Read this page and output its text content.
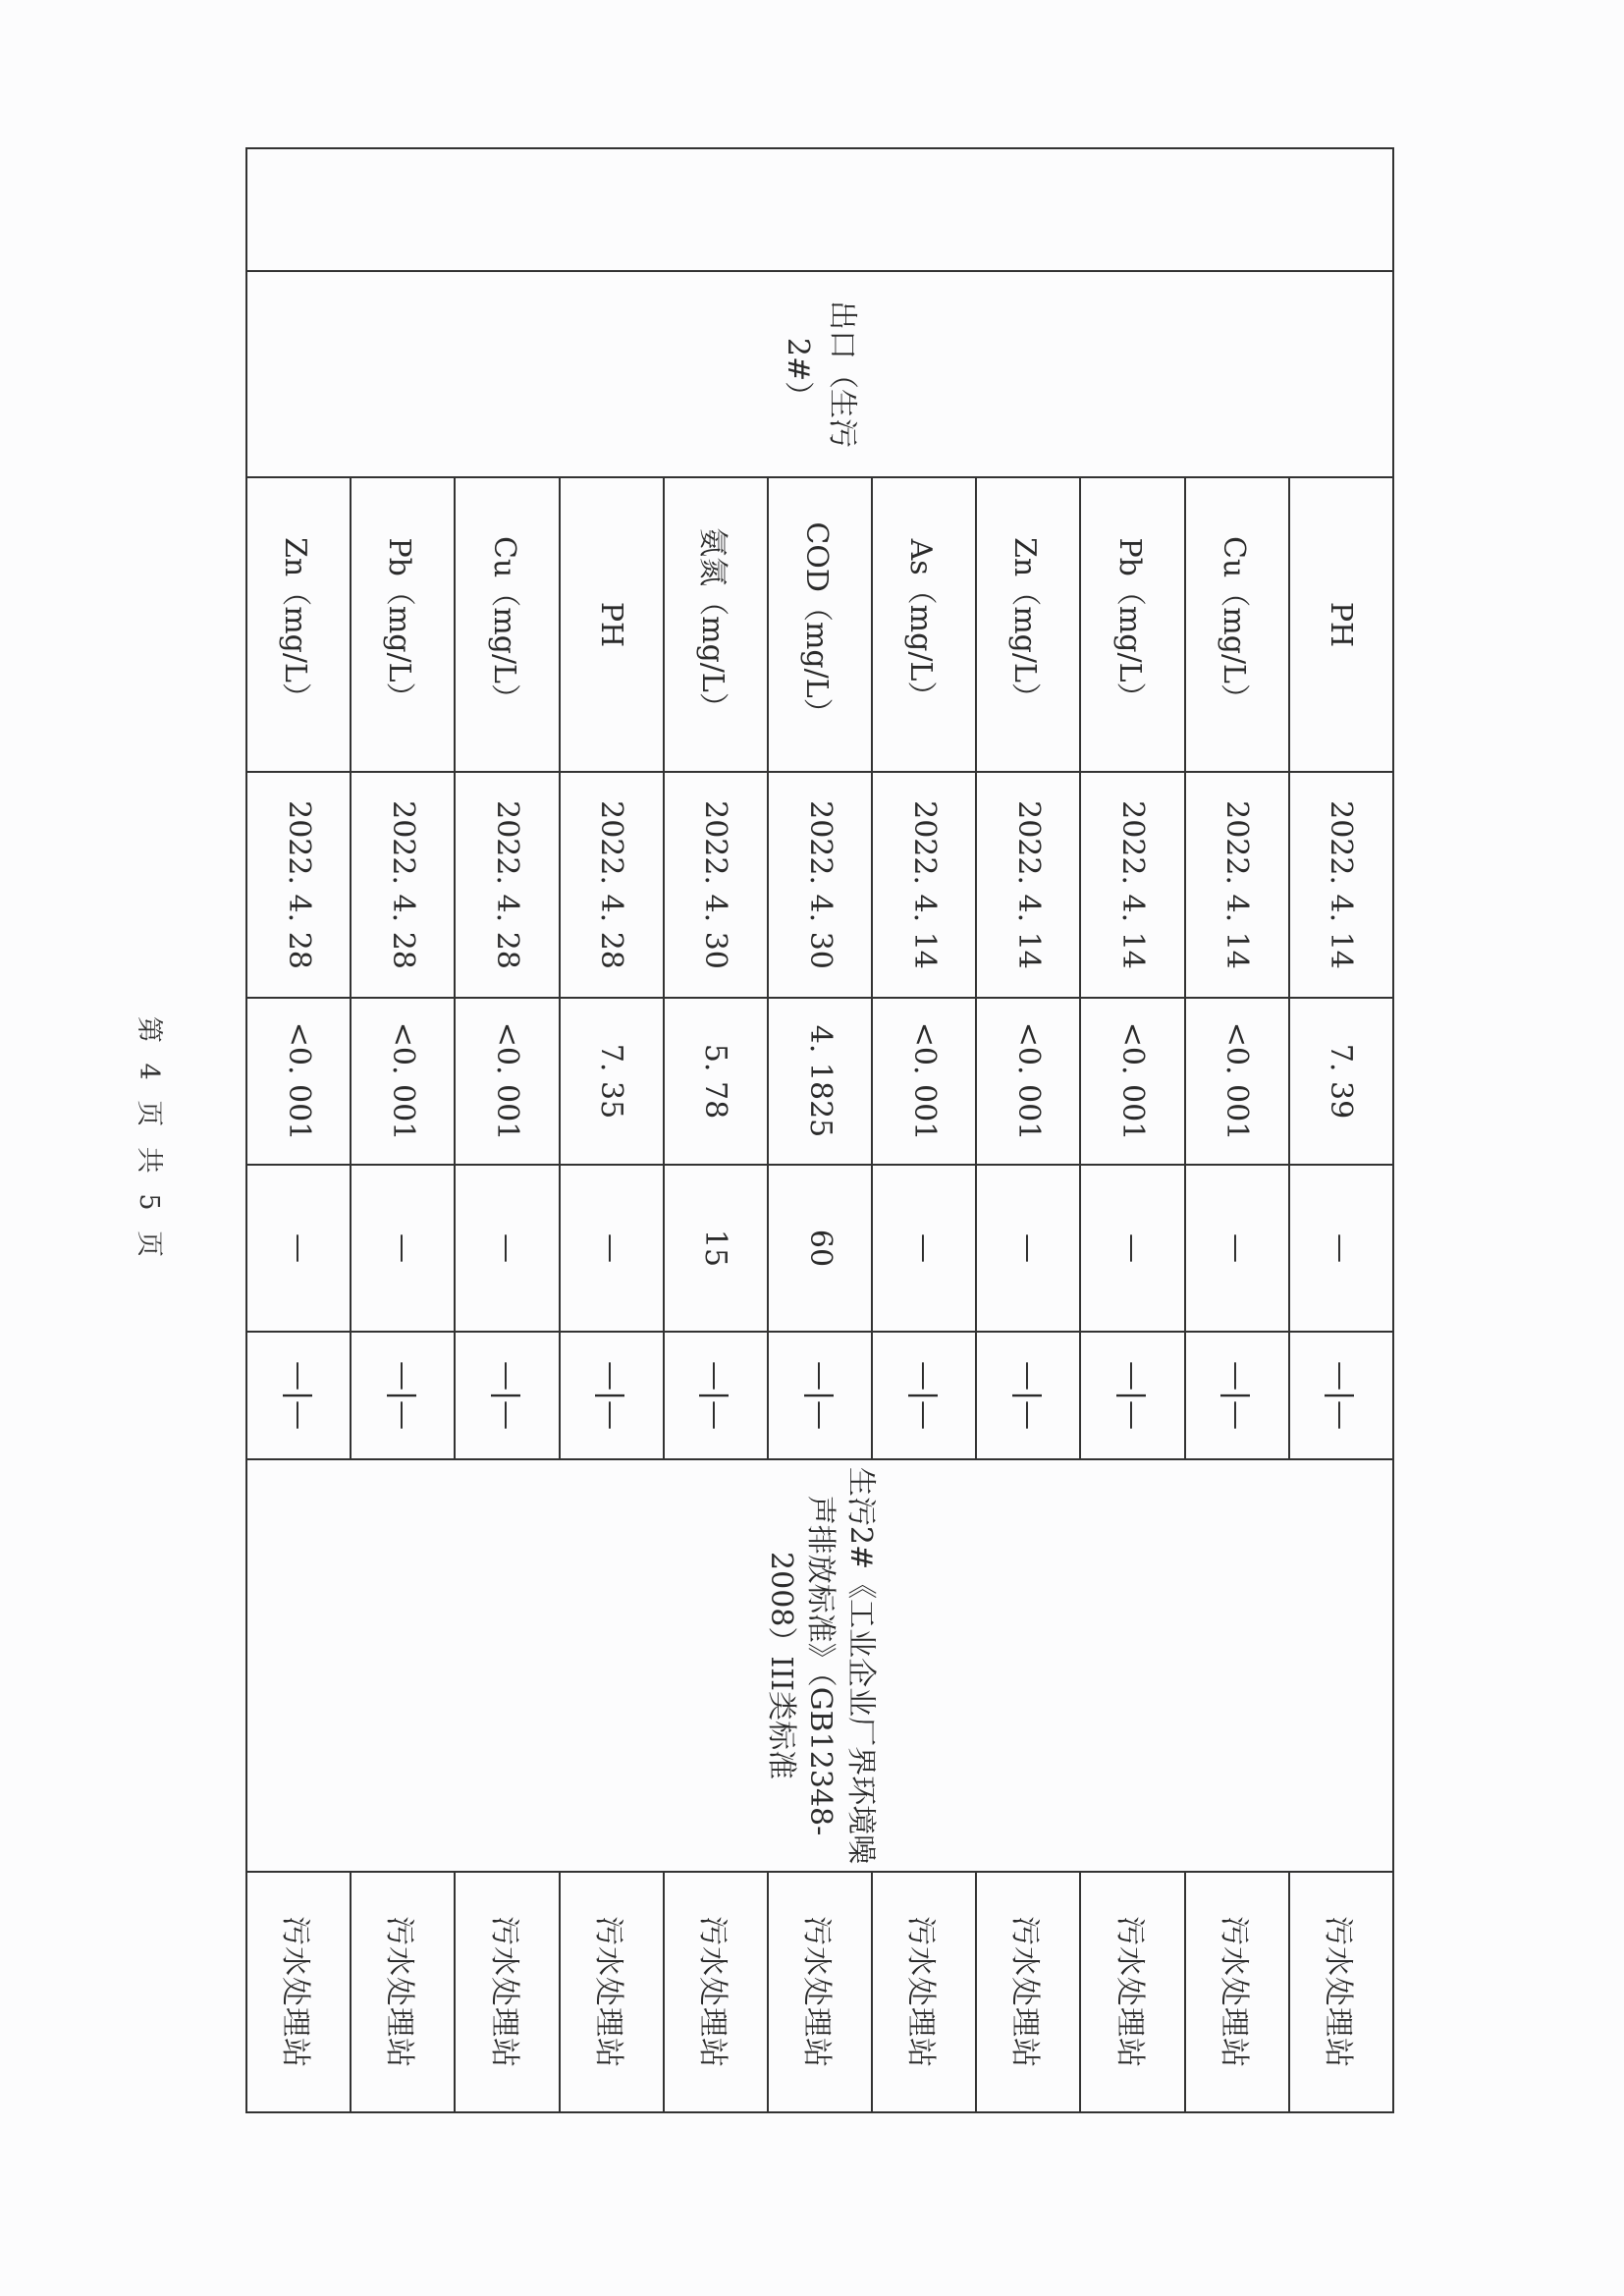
	出口（生污2#）	PH	2022. 4. 14	7. 39	—	—|—	生污2#《工业企业厂界环境噪声排放标准》（GB12348-2008）III类标准	污水处理站
		Cu（mg/L）	2022. 4. 14	<0. 001	—	—|—		污水处理站
		Pb（mg/L）	2022. 4. 14	<0. 001	—	—|—		污水处理站
		Zn（mg/L）	2022. 4. 14	<0. 001	—	—|—		污水处理站
		As（mg/L）	2022. 4. 14	<0. 001	—	—|—		污水处理站
		COD（mg/L）	2022. 4. 30	4. 1825	60	—|—		污水处理站
		氨氮（mg/L）	2022. 4. 30	5. 78	15	—|—		污水处理站
		PH	2022. 4. 28	7. 35	—	—|—		污水处理站
		Cu（mg/L）	2022. 4. 28	<0. 001	—	—|—		污水处理站
		Pb（mg/L）	2022. 4. 28	<0. 001	—	—|—		污水处理站
		Zn（mg/L）	2022. 4. 28	<0. 001	—	—|—		污水处理站
第 4 页 共 5 页
